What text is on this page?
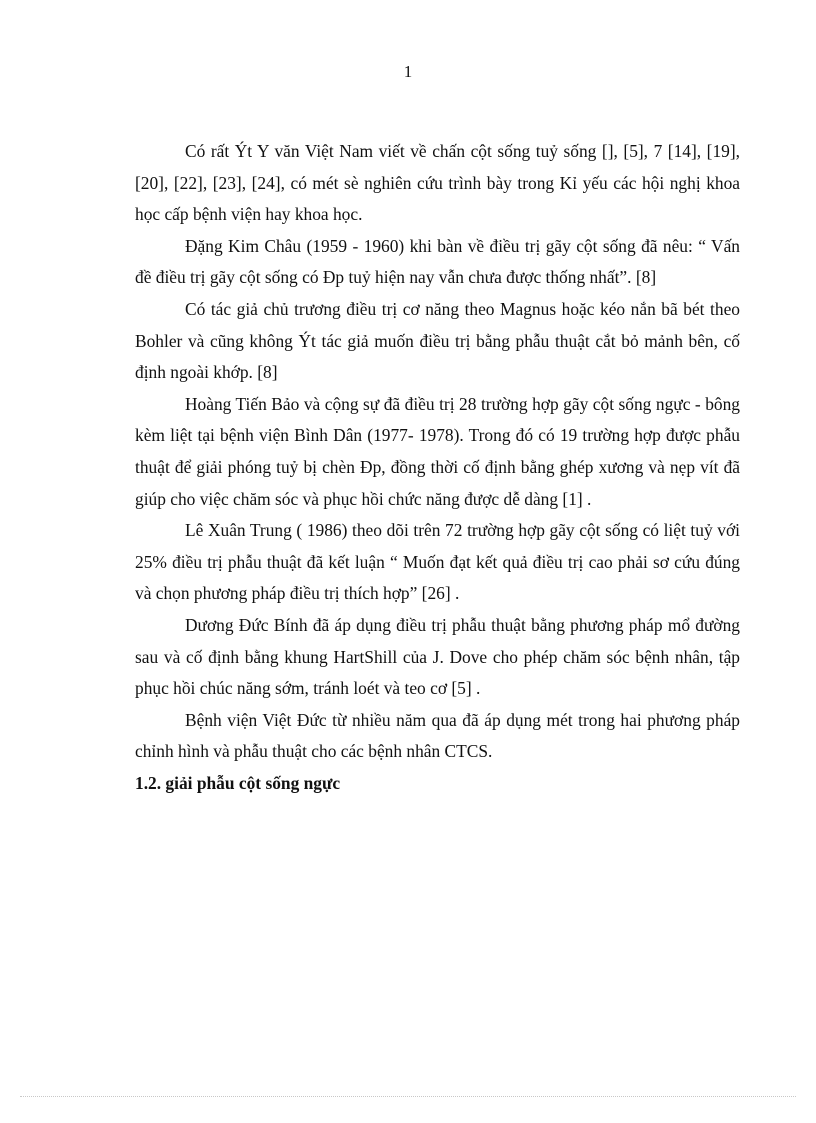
1

Có rất Ýt Y văn Việt Nam viết về chấn cột sống tuỷ sống [], [5], 7 [14], [19], [20], [22], [23], [24], có mét sè nghiên cứu trình bày trong Kỉ yếu các hội nghị khoa học cấp bệnh viện hay khoa học.

Đặng Kim Châu (1959 - 1960) khi bàn về điều trị gãy cột sống đã nêu: “ Vấn đề điều trị gãy cột sống có Đp tuỷ hiện nay vẫn chưa được thống nhất”. [8]

Có tác giả chủ trương điều trị cơ năng theo Magnus hoặc kéo nắn bã bét theo Bohler và cũng không Ýt tác giả muốn điều trị bằng phẫu thuật cắt bỏ mảnh bên, cố định ngoài khớp. [8]

Hoàng Tiến Bảo và cộng sự đã điều trị 28 trường hợp gãy cột sống ngực - bông kèm liệt tại bệnh viện Bình Dân (1977- 1978). Trong đó có 19 trường hợp được phẫu thuật để giải phóng tuỷ bị chèn Đp, đồng thời cố định bằng ghép xương và nẹp vít đã giúp cho việc chăm sóc và phục hồi chức năng được dễ dàng [1] .

Lê Xuân Trung ( 1986) theo dõi trên 72 trường hợp gãy cột sống có liệt tuỷ với 25% điều trị phẫu thuật đã kết luận “ Muốn đạt kết quả điều trị cao phải sơ cứu đúng và chọn phương pháp điều trị thích hợp” [26] .

Dương Đức Bính đã áp dụng điều trị phẫu thuật bằng phương pháp mổ đường sau và cố định bằng khung HartShill của J. Dove cho phép chăm sóc bệnh nhân, tập phục hồi chúc năng sớm, tránh loét và teo cơ [5] .

Bệnh viện Việt Đức từ nhiều năm qua đã áp dụng mét trong hai phương pháp chỉnh hình và phẫu thuật cho các bệnh nhân CTCS.

1.2. giải phẫu cột sống ngực
